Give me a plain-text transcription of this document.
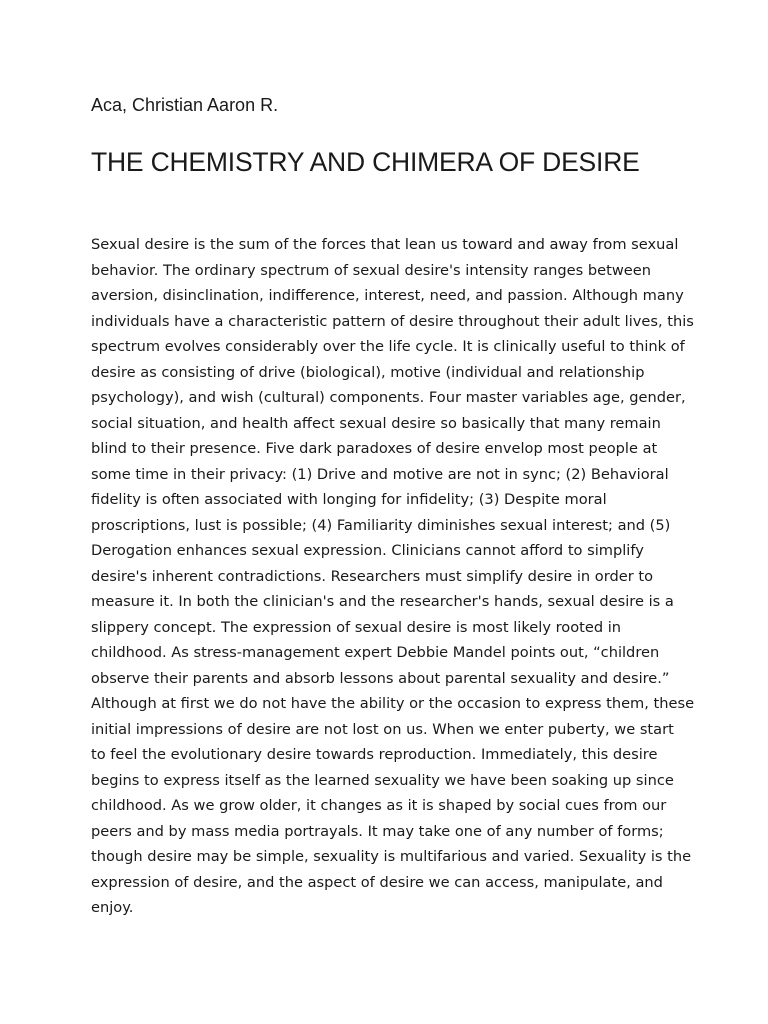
Aca, Christian Aaron R.

THE CHEMISTRY AND CHIMERA OF DESIRE
Sexual desire is the sum of the forces that lean us toward and away from sexual
behavior. The ordinary spectrum of sexual desire's intensity ranges between
aversion, disinclination, indifference, interest, need, and passion. Although many
individuals have a characteristic pattern of desire throughout their adult lives, this
spectrum evolves considerably over the life cycle. It is clinically useful to think of
desire as consisting of drive (biological), motive (individual and relationship
psychology), and wish (cultural) components. Four master variables age, gender,
social situation, and health affect sexual desire so basically that many remain
blind to their presence. Five dark paradoxes of desire envelop most people at
some time in their privacy: (1) Drive and motive are not in sync; (2) Behavioral
fidelity is often associated with longing for infidelity; (3) Despite moral
proscriptions, lust is possible; (4) Familiarity diminishes sexual interest; and (5)
Derogation enhances sexual expression. Clinicians cannot afford to simplify
desire's inherent contradictions. Researchers must simplify desire in order to
measure it. In both the clinician's and the researcher's hands, sexual desire is a
slippery concept. The expression of sexual desire is most likely rooted in
childhood. As stress-management expert Debbie Mandel points out, “children
observe their parents and absorb lessons about parental sexuality and desire.”
Although at first we do not have the ability or the occasion to express them, these
initial impressions of desire are not lost on us. When we enter puberty, we start
to feel the evolutionary desire towards reproduction. Immediately, this desire
begins to express itself as the learned sexuality we have been soaking up since
childhood. As we grow older, it changes as it is shaped by social cues from our
peers and by mass media portrayals. It may take one of any number of forms;
though desire may be simple, sexuality is multifarious and varied. Sexuality is the
expression of desire, and the aspect of desire we can access, manipulate, and
enjoy.
